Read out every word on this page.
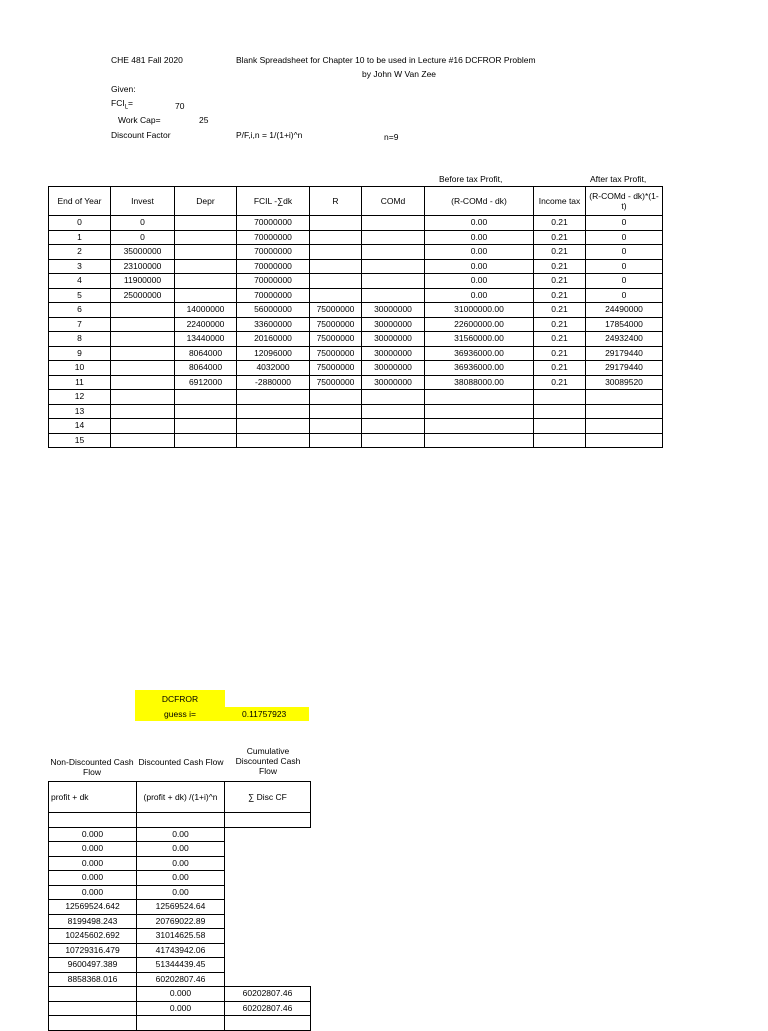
CHE 481 Fall 2020	Blank Spreadsheet for Chapter 10 to be used in Lecture #16 DCFROR Problem
by John W Van Zee
Given:
$FCI_L=$	70
Work Cap=	25
Discount Factor	P/F,i,n = 1/(1+i)^n	n=9
Before tax Profit,	After tax Profit,
End of Year	Invest	Depr	FCIL -∑dk	R	COMd	(R-COMd - dk)	Income tax	(R-COMd - dk)*(1-t)
0	0		70000000			0.00	0.21	0
1	0		70000000			0.00	0.21	0
2	35000000		70000000			0.00	0.21	0
3	23100000		70000000			0.00	0.21	0
4	11900000		70000000			0.00	0.21	0
5	25000000		70000000			0.00	0.21	0
6		14000000	56000000	75000000	30000000	31000000.00	0.21	24490000
7		22400000	33600000	75000000	30000000	22600000.00	0.21	17854000
8		13440000	20160000	75000000	30000000	31560000.00	0.21	24932400
9		8064000	12096000	75000000	30000000	36936000.00	0.21	29179440
10		8064000	4032000	75000000	30000000	36936000.00	0.21	29179440
11		6912000	-2880000	75000000	30000000	38088000.00	0.21	30089520
12								
13								
14								
15								
DCFROR
guess i=	0.11757923
Non-Discounted Cash Flow
Discounted Cash Flow
Cumulative Discounted Cash Flow
profit + dk	(profit + dk) /(1+i)^n	∑ Disc CF

0.000	0.00	
0.000	0.00	
0.000	0.00	
0.000	0.00	
0.000	0.00	
12569524.642	12569524.64	
8199498.243	20769022.89	
10245602.692	31014625.58	
10729316.479	41743942.06	
9600497.389	51344439.45	
8858368.016	60202807.46	
	0.000	60202807.46
	0.000	60202807.46
